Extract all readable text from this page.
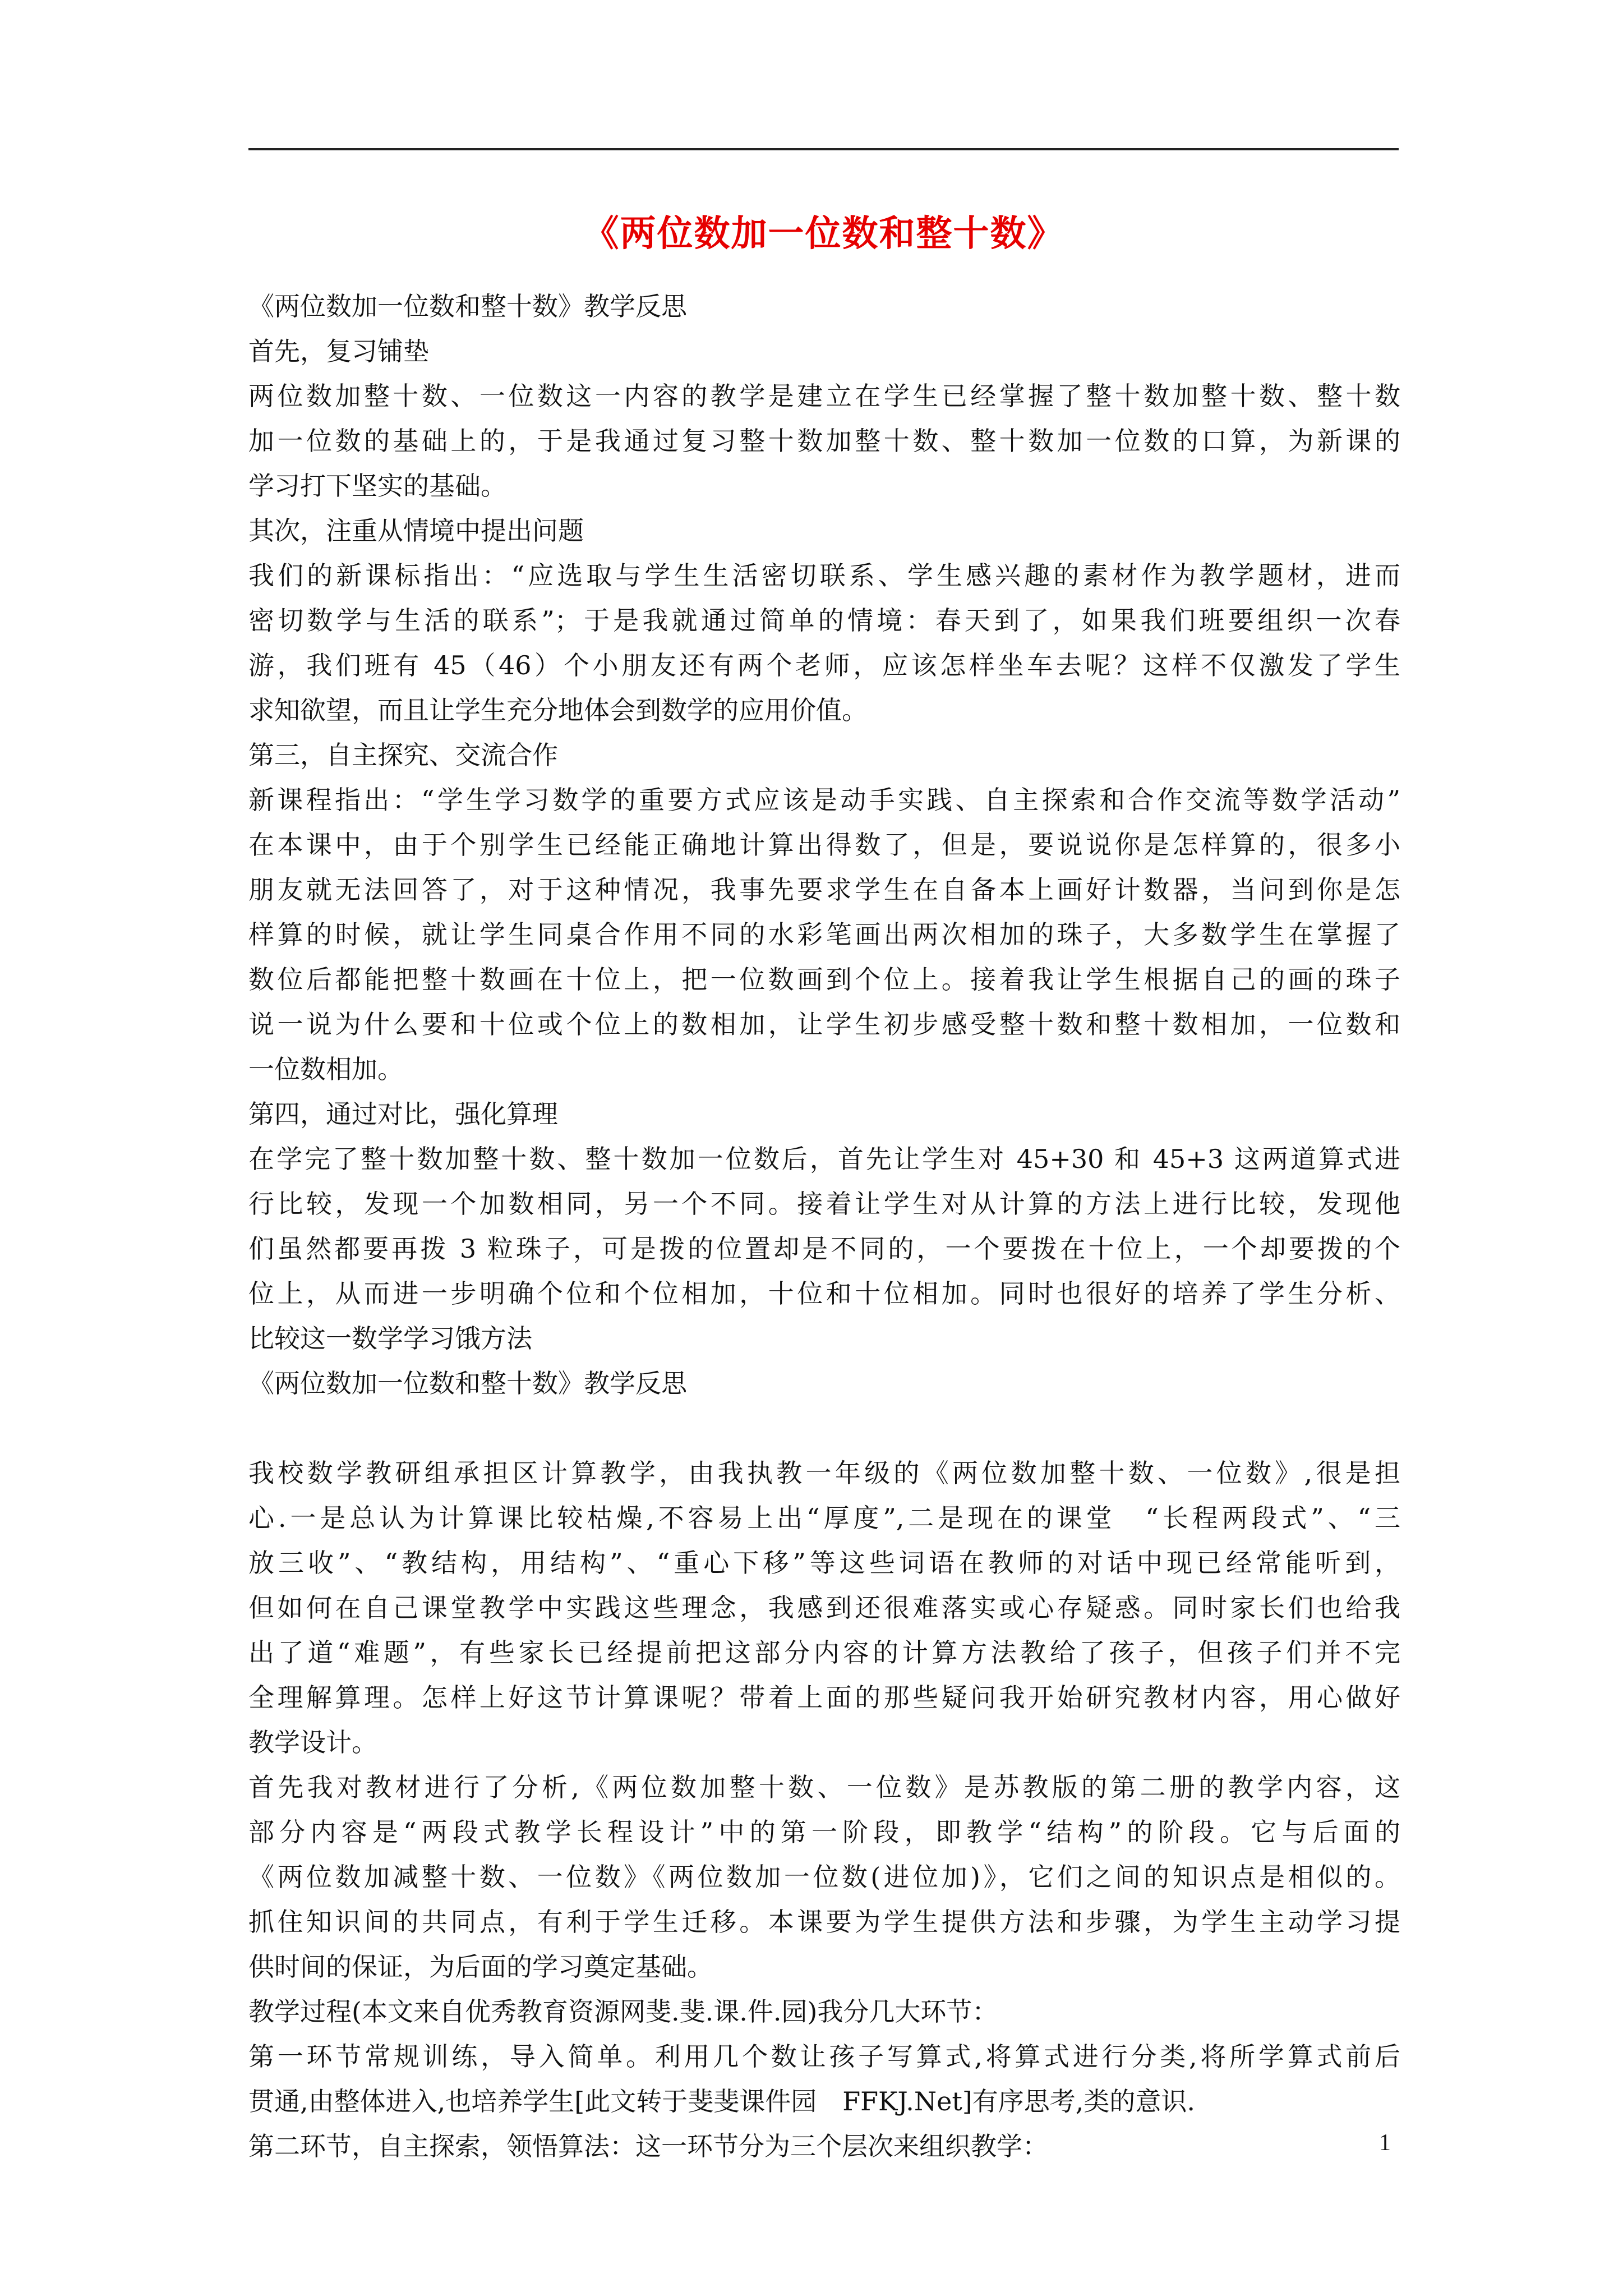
《两位数加一位数和整十数》
《两位数加一位数和整十数》教学反思
首先，复习铺垫
两位数加整十数、一位数这一内容的教学是建立在学生已经掌握了整十数加整十数、整十数
加一位数的基础上的，于是我通过复习整十数加整十数、整十数加一位数的口算，为新课的
学习打下坚实的基础。
其次，注重从情境中提出问题
我们的新课标指出：“应选取与学生生活密切联系、学生感兴趣的素材作为教学题材，进而
密切数学与生活的联系”；于是我就通过简单的情境：春天到了，如果我们班要组织一次春
游，我们班有 45（46）个小朋友还有两个老师，应该怎样坐车去呢？这样不仅激发了学生
求知欲望，而且让学生充分地体会到数学的应用价值。
第三，自主探究、交流合作
新课程指出：“学生学习数学的重要方式应该是动手实践、自主探索和合作交流等数学活动”
在本课中，由于个别学生已经能正确地计算出得数了，但是，要说说你是怎样算的，很多小
朋友就无法回答了，对于这种情况，我事先要求学生在自备本上画好计数器，当问到你是怎
样算的时候，就让学生同桌合作用不同的水彩笔画出两次相加的珠子，大多数学生在掌握了
数位后都能把整十数画在十位上，把一位数画到个位上。接着我让学生根据自己的画的珠子
说一说为什么要和十位或个位上的数相加，让学生初步感受整十数和整十数相加，一位数和
一位数相加。
第四，通过对比，强化算理
在学完了整十数加整十数、整十数加一位数后，首先让学生对 45+30 和 45+3 这两道算式进
行比较，发现一个加数相同，另一个不同。接着让学生对从计算的方法上进行比较，发现他
们虽然都要再拨 3 粒珠子，可是拨的位置却是不同的，一个要拨在十位上，一个却要拨的个
位上，从而进一步明确个位和个位相加，十位和十位相加。同时也很好的培养了学生分析、
比较这一数学学习饿方法
《两位数加一位数和整十数》教学反思
我校数学教研组承担区计算教学，由我执教一年级的《两位数加整十数、一位数》,很是担
心.一是总认为计算课比较枯燥,不容易上出“厚度”,二是现在的课堂　“长程两段式”、“三
放三收”、“教结构，用结构”、“重心下移”等这些词语在教师的对话中现已经常能听到，
但如何在自己课堂教学中实践这些理念，我感到还很难落实或心存疑惑。同时家长们也给我
出了道“难题”，有些家长已经提前把这部分内容的计算方法教给了孩子，但孩子们并不完
全理解算理。怎样上好这节计算课呢？带着上面的那些疑问我开始研究教材内容，用心做好
教学设计。
首先我对教材进行了分析,《两位数加整十数、一位数》是苏教版的第二册的教学内容，这
部分内容是“两段式教学长程设计”中的第一阶段，即教学“结构”的阶段。它与后面的
《两位数加减整十数、一位数》《两位数加一位数(进位加)》，它们之间的知识点是相似的。
抓住知识间的共同点，有利于学生迁移。本课要为学生提供方法和步骤，为学生主动学习提
供时间的保证，为后面的学习奠定基础。
教学过程(本文来自优秀教育资源网斐.斐.课.件.园)我分几大环节：
第一环节常规训练，导入简单。利用几个数让孩子写算式,将算式进行分类,将所学算式前后
贯通,由整体进入,也培养学生[此文转于斐斐课件园　FFKJ.Net]有序思考,类的意识.
第二环节，自主探索，领悟算法：这一环节分为三个层次来组织教学：	1
